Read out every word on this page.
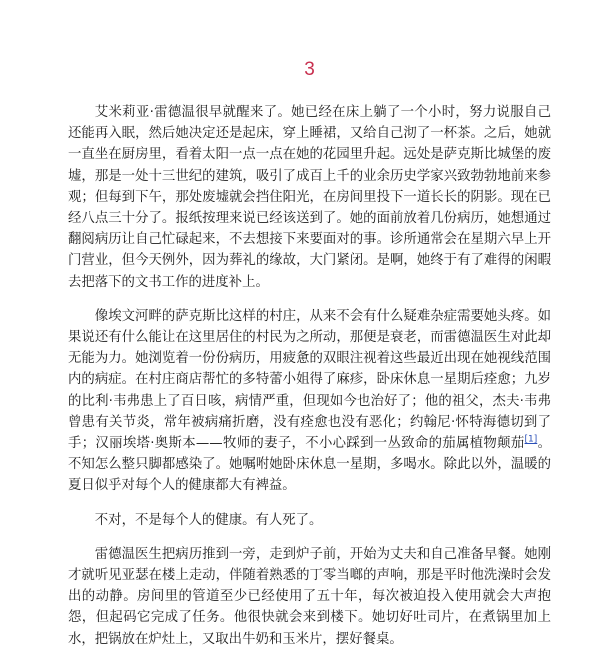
3

艾米莉亚·雷德温很早就醒来了。她已经在床上躺了一个小时，努力说服自己还能再入眠，然后她决定还是起床，穿上睡裙，又给自己沏了一杯茶。之后，她就一直坐在厨房里，看着太阳一点一点在她的花园里升起。远处是萨克斯比城堡的废墟，那是一处十三世纪的建筑，吸引了成百上千的业余历史学家兴致勃勃地前来参观；但每到下午，那处废墟就会挡住阳光，在房间里投下一道长长的阴影。现在已经八点三十分了。报纸按理来说已经该送到了。她的面前放着几份病历，她想通过翻阅病历让自己忙碌起来，不去想接下来要面对的事。诊所通常会在星期六早上开门营业，但今天例外，因为葬礼的缘故，大门紧闭。是啊，她终于有了难得的闲暇去把落下的文书工作的进度补上。

像埃文河畔的萨克斯比这样的村庄，从来不会有什么疑难杂症需要她头疼。如果说还有什么能让在这里居住的村民为之所动，那便是衰老，而雷德温医生对此却无能为力。她浏览着一份份病历，用疲惫的双眼注视着这些最近出现在她视线范围内的病症。在村庄商店帮忙的多特蕾小姐得了麻疹，卧床休息一星期后痊愈；九岁的比利·韦弗患上了百日咳，病情严重，但现如今也治好了；他的祖父，杰夫·韦弗曾患有关节炎，常年被病痛折磨，没有痊愈也没有恶化；约翰尼·怀特海德切到了手；汉丽埃塔·奥斯本——牧师的妻子，不小心踩到一丛致命的茄属植物颠茄[1]。不知怎么整只脚都感染了。她嘱咐她卧床休息一星期，多喝水。除此以外，温暖的夏日似乎对每个人的健康都大有裨益。

不对，不是每个人的健康。有人死了。

雷德温医生把病历推到一旁，走到炉子前，开始为丈夫和自己准备早餐。她刚才就听见亚瑟在楼上走动，伴随着熟悉的丁零当啷的声响，那是平时他洗澡时会发出的动静。房间里的管道至少已经使用了五十年，每次被迫投入使用就会大声抱怨，但起码它完成了任务。他很快就会来到楼下。她切好吐司片，在煮锅里加上水，把锅放在炉灶上，又取出牛奶和玉米片，摆好餐桌。
